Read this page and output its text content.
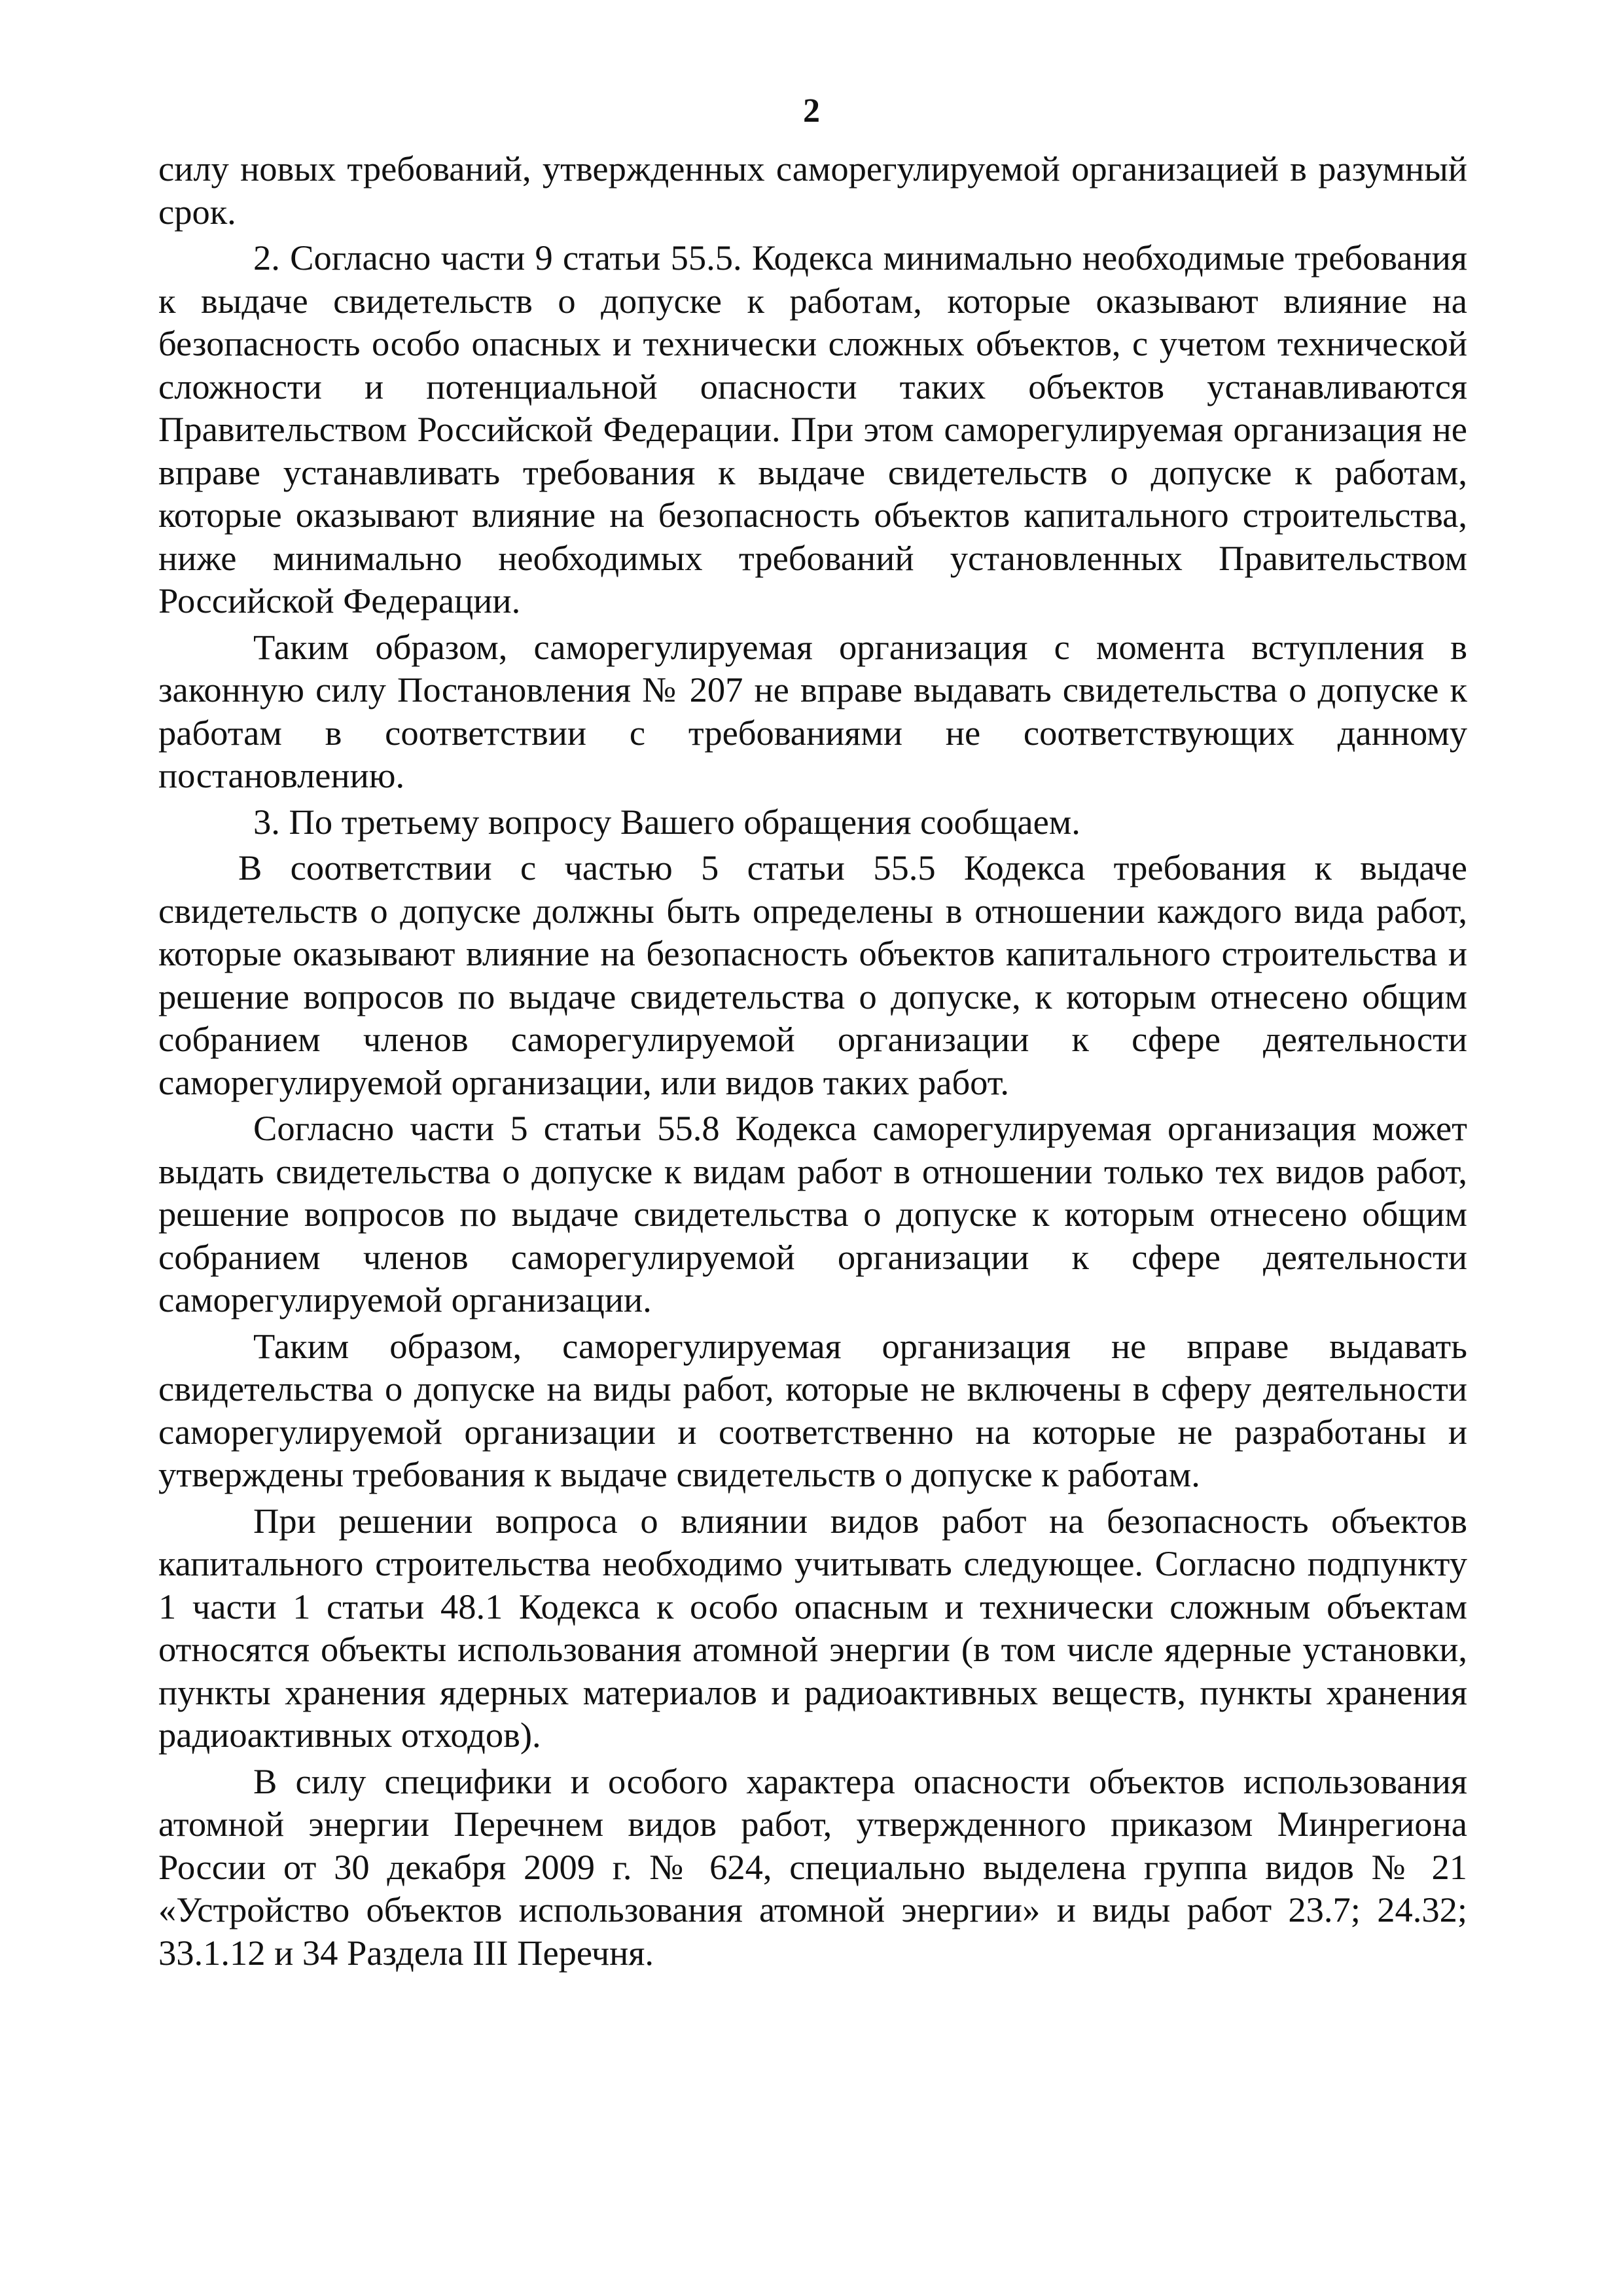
2

силу новых требований, утвержденных саморегулируемой организацией в разумный срок.

2. Согласно части 9 статьи 55.5. Кодекса минимально необходимые требования к выдаче свидетельств о допуске к работам, которые оказывают влияние на безопасность особо опасных и технически сложных объектов, с учетом технической сложности и потенциальной опасности таких объектов устанавливаются Правительством Российской Федерации. При этом саморегулируемая организация не вправе устанавливать требования к выдаче свидетельств о допуске к работам, которые оказывают влияние на безопасность объектов капитального строительства, ниже минимально необходимых требований установленных Правительством Российской Федерации.

Таким образом, саморегулируемая организация с момента вступления в законную силу Постановления № 207 не вправе выдавать свидетельства о допуске к работам в соответствии с требованиями не соответствующих данному постановлению.

3. По третьему вопросу Вашего обращения сообщаем.

В соответствии с частью 5 статьи 55.5 Кодекса требования к выдаче свидетельств о допуске должны быть определены в отношении каждого вида работ, которые оказывают влияние на безопасность объектов капитального строительства и решение вопросов по выдаче свидетельства о допуске, к которым отнесено общим собранием членов саморегулируемой организации к сфере деятельности саморегулируемой организации, или видов таких работ.

Согласно части 5 статьи 55.8 Кодекса саморегулируемая организация может выдать свидетельства о допуске к видам работ в отношении только тех видов работ, решение вопросов по выдаче свидетельства о допуске к которым отнесено общим собранием членов саморегулируемой организации к сфере деятельности саморегулируемой организации.

Таким образом, саморегулируемая организация не вправе выдавать свидетельства о допуске на виды работ, которые не включены в сферу деятельности саморегулируемой организации и соответственно на которые не разработаны и утверждены требования к выдаче свидетельств о допуске к работам.

При решении вопроса о влиянии видов работ на безопасность объектов капитального строительства необходимо учитывать следующее. Согласно подпункту 1 части 1 статьи 48.1 Кодекса к особо опасным и технически сложным объектам относятся объекты использования атомной энергии (в том числе ядерные установки, пункты хранения ядерных материалов и радиоактивных веществ, пункты хранения радиоактивных отходов).

В силу специфики и особого характера опасности объектов использования атомной энергии Перечнем видов работ, утвержденного приказом Минрегиона России от 30 декабря 2009 г. № 624, специально выделена группа видов № 21 «Устройство объектов использования атомной энергии» и виды работ 23.7; 24.32; 33.1.12 и 34 Раздела III Перечня.
